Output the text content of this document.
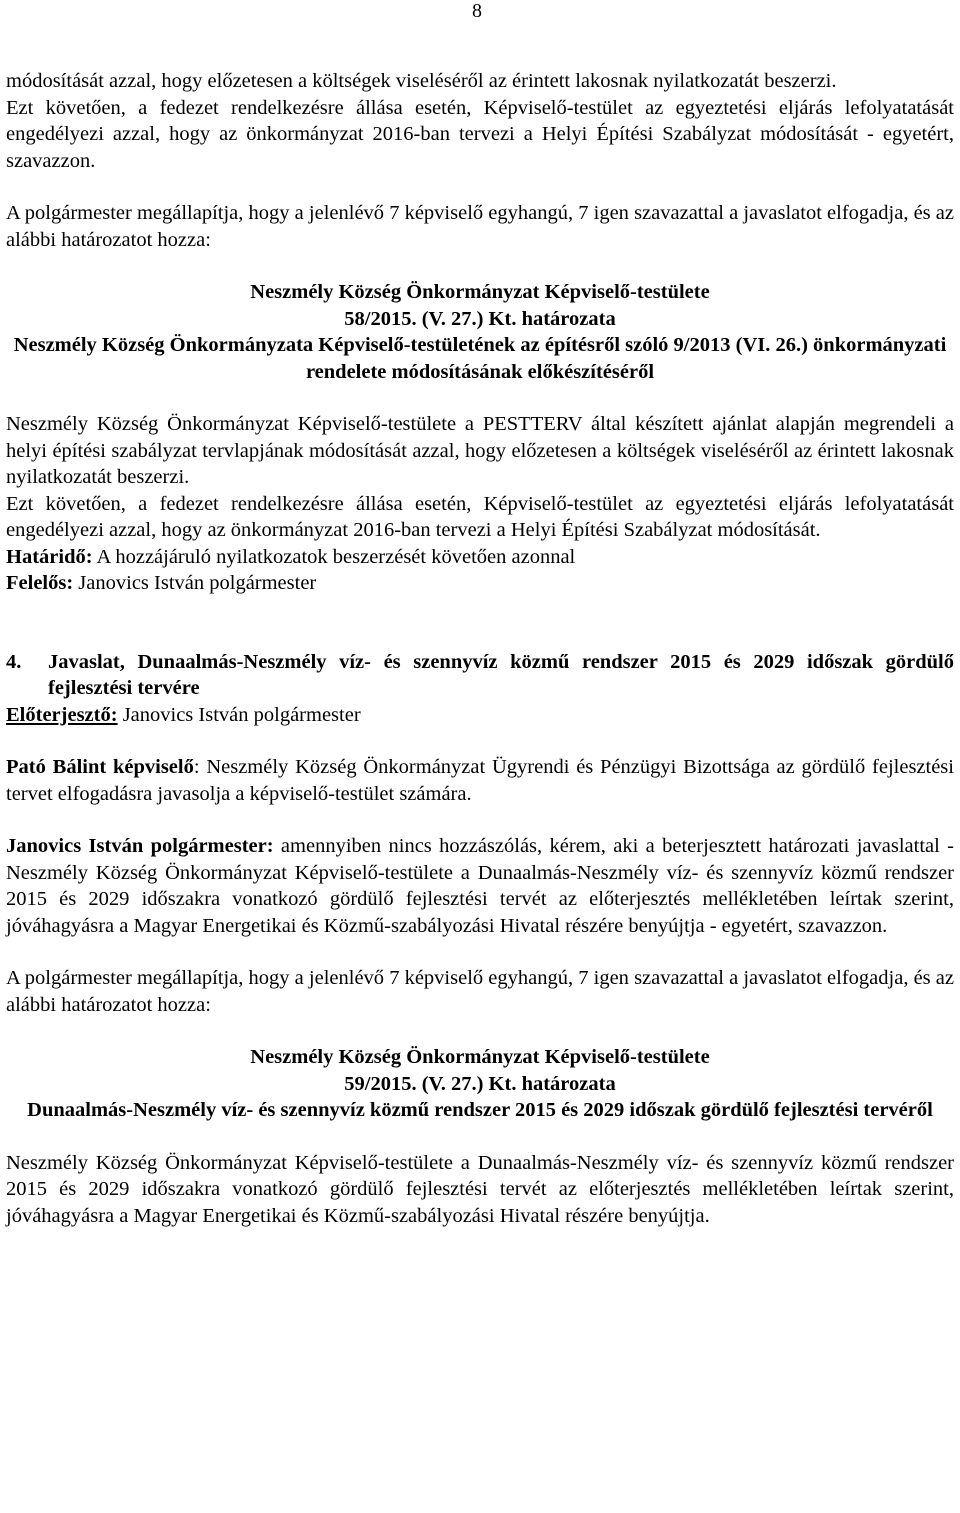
8

módosítását azzal, hogy előzetesen a költségek viseléséről az érintett lakosnak nyilatkozatát beszerzi.

Ezt követően, a fedezet rendelkezésre állása esetén, Képviselő-testület az egyeztetési eljárás lefolyatatását engedélyezi azzal, hogy az önkormányzat 2016-ban tervezi a Helyi Építési Szabályzat módosítását - egyetért, szavazzon.

A polgármester megállapítja, hogy a jelenlévő 7 képviselő egyhangú, 7 igen szavazattal a javaslatot elfogadja, és az alábbi határozatot hozza:

Neszmély Község Önkormányzat Képviselő-testülete

58/2015. (V. 27.) Kt. határozata

Neszmély Község Önkormányzata Képviselő-testületének az építésről szóló 9/2013 (VI. 26.) önkormányzati rendelete módosításának előkészítéséről

Neszmély Község Önkormányzat Képviselő-testülete a PESTTERV által készített ajánlat alapján megrendeli a helyi építési szabályzat tervlapjának módosítását azzal, hogy előzetesen a költségek viseléséről az érintett lakosnak nyilatkozatát beszerzi.

Ezt követően, a fedezet rendelkezésre állása esetén, Képviselő-testület az egyeztetési eljárás lefolyatatását engedélyezi azzal, hogy az önkormányzat 2016-ban tervezi a Helyi Építési Szabályzat módosítását.

Határidő: A hozzájáruló nyilatkozatok beszerzését követően azonnal

Felelős: Janovics István polgármester

4.	Javaslat, Dunaalmás-Neszmély víz- és szennyvíz közmű rendszer 2015 és 2029 időszak gördülő fejlesztési tervére

Előterjesztő: Janovics István polgármester

Pató Bálint képviselő: Neszmély Község Önkormányzat Ügyrendi és Pénzügyi Bizottsága az gördülő fejlesztési tervet elfogadásra javasolja a képviselő-testület számára.

Janovics István polgármester: amennyiben nincs hozzászólás, kérem, aki a beterjesztett határozati javaslattal - Neszmély Község Önkormányzat Képviselő-testülete a Dunaalmás-Neszmély víz- és szennyvíz közmű rendszer 2015 és 2029 időszakra vonatkozó gördülő fejlesztési tervét az előterjesztés mellékletében leírtak szerint, jóváhagyásra a Magyar Energetikai és Közmű-szabályozási Hivatal részére benyújtja - egyetért, szavazzon.

A polgármester megállapítja, hogy a jelenlévő 7 képviselő egyhangú, 7 igen szavazattal a javaslatot elfogadja, és az alábbi határozatot hozza:

Neszmély Község Önkormányzat Képviselő-testülete

59/2015. (V. 27.) Kt. határozata

Dunaalmás-Neszmély víz- és szennyvíz közmű rendszer 2015 és 2029 időszak gördülő fejlesztési tervéről

Neszmély Község Önkormányzat Képviselő-testülete a Dunaalmás-Neszmély víz- és szennyvíz közmű rendszer 2015 és 2029 időszakra vonatkozó gördülő fejlesztési tervét az előterjesztés mellékletében leírtak szerint, jóváhagyásra a Magyar Energetikai és Közmű-szabályozási Hivatal részére benyújtja.
